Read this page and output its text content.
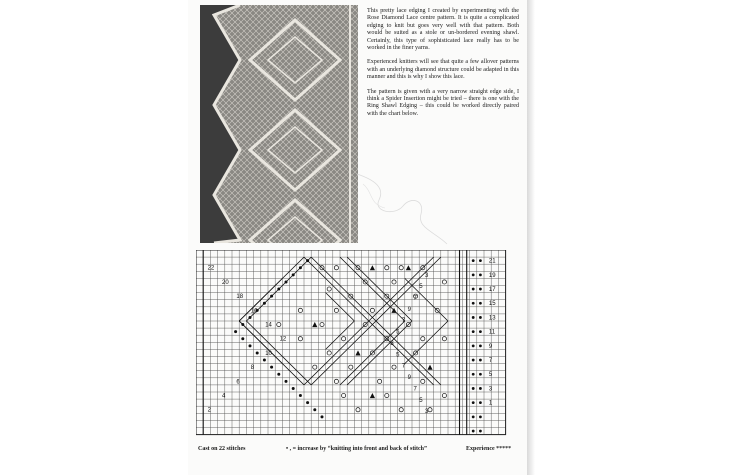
This pretty lace edging I created by experimenting with the Rose Diamond Lace centre pattern. It is quite a complicated edging to knit but goes very well with that pattern. Both would be suited as a stole or un-bordered evening shawl. Certainly, this type of sophisticated lace really has to be worked in the finer yarns.

Experienced knitters will see that quite a few allover patterns with an underlying diamond structure could be adapted in this manner and this is why I show this lace.

The pattern is given with a very narrow straight edge side, I think a Spider Insertion might be tried – there is one with the Ring Shawl Edging – this could be worked directly paired with the chart below.

22
20
18
16
14
12
10
8
6
4
2
21
19
17
15
13
11
9
7
5
3
1
3
5
7
9
7
5
3
5
7
9
7
5
3
Cast on 22 stitches	• , = increase by “knitting into front and back of stitch”	Experience *****
